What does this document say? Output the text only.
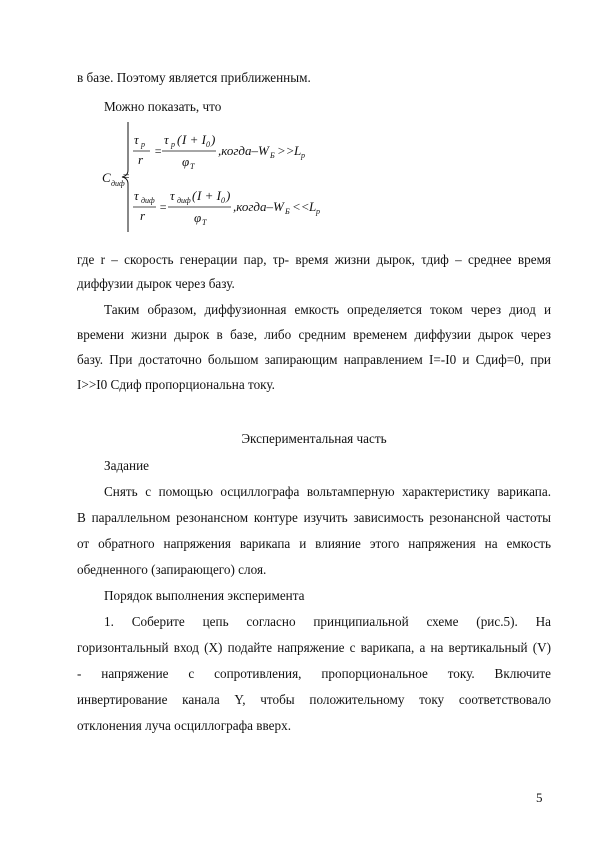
в базе. Поэтому является приближенным.
Можно показать, что
C диф
=
τ p
r
=
τ p ( I + I 0 )
φ T
,когда–W Б >> L p
τ диф
r
=
τ диф ( I + I 0 )
φ T
,когда–W Б << L p
где r – скорость генерации пар, τp- время жизни дырок, τдиф – среднее время
диффузии дырок через базу.
Таким образом, диффузионная емкость определяется током через диод и
времени жизни дырок в базе, либо средним временем диффузии дырок через
базу. При достаточно большом запирающим направлением I=-I0 и Cдиф=0, при
I>>I0 Cдиф пропорциональна току.
Экспериментальная часть
Задание
Снять с помощью осциллографа вольтамперную характеристику варикапа.
В параллельном резонансном контуре изучить зависимость резонансной частоты
от обратного напряжения варикапа и влияние этого напряжения на емкость
обедненного (запирающего) слоя.
Порядок выполнения эксперимента
1. Соберите цепь согласно принципиальной схеме (рис.5). На
горизонтальный вход (X) подайте напряжение с варикапа, а на вертикальный (V)
- напряжение с сопротивления, пропорциональное току. Включите
инвертирование канала Y, чтобы положительному току соответствовало
отклонения луча осциллографа вверх.
5
